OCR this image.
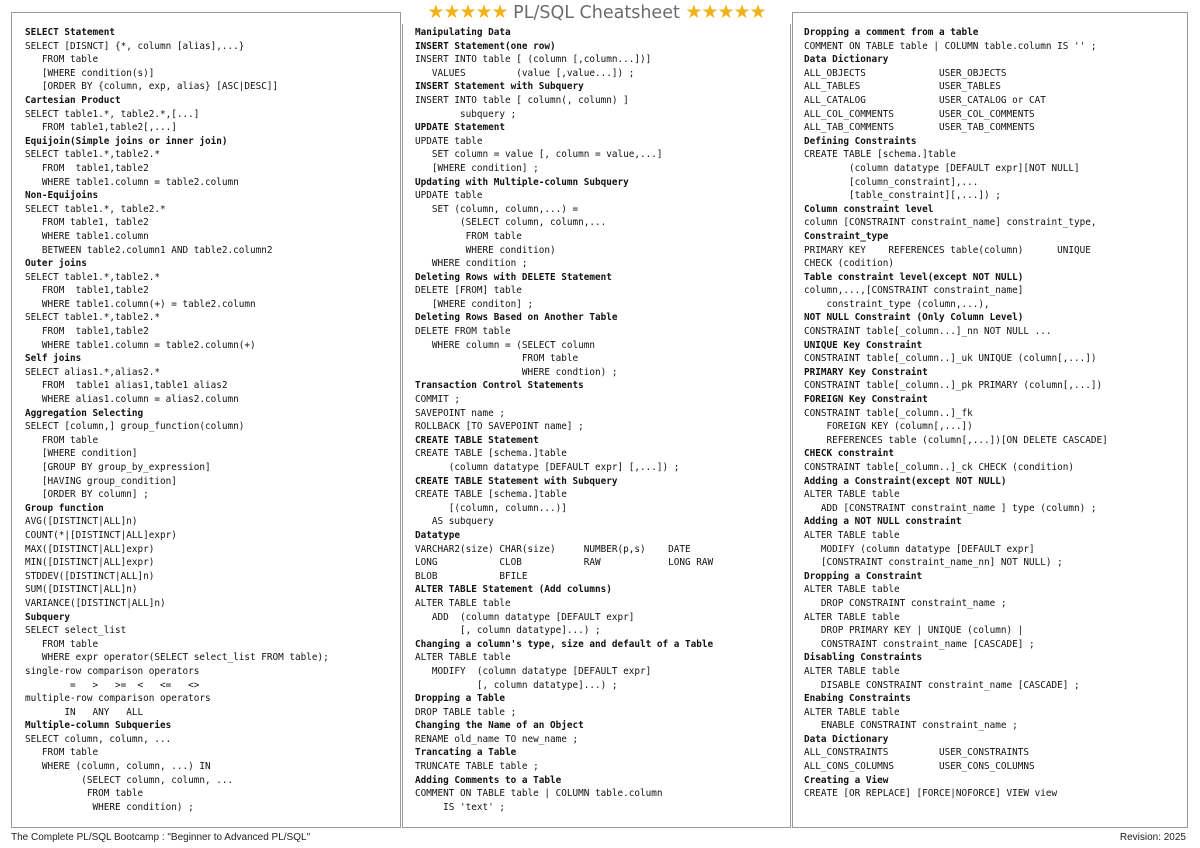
SELECT Statement
SELECT [DISNCT] {*, column [alias],...}
FROM table
[WHERE condition(s)]
[ORDER BY {column, exp, alias} [ASC|DESC]]
Cartesian Product
SELECT table1.*, table2.*,[...]
FROM table1,table2[,...]
Equijoin(Simple joins or inner join)
SELECT table1.*,table2.*
FROM  table1,table2
WHERE table1.column = table2.column
Non-Equijoins
SELECT table1.*, table2.*
FROM table1, table2
WHERE table1.column
BETWEEN table2.column1 AND table2.column2
Outer joins
SELECT table1.*,table2.*
FROM  table1,table2
WHERE table1.column(+) = table2.column
SELECT table1.*,table2.*
FROM  table1,table2
WHERE table1.column = table2.column(+)
Self joins
SELECT alias1.*,alias2.*
FROM  table1 alias1,table1 alias2
WHERE alias1.column = alias2.column
Aggregation Selecting
SELECT [column,] group_function(column)
FROM table
[WHERE condition]
[GROUP BY group_by_expression]
[HAVING group_condition]
[ORDER BY column] ;
Group function
AVG([DISTINCT|ALL]n)
COUNT(*|[DISTINCT|ALL]expr)
MAX([DISTINCT|ALL]expr)
MIN([DISTINCT|ALL]expr)
STDDEV([DISTINCT|ALL]n)
SUM([DISTINCT|ALL]n)
VARIANCE([DISTINCT|ALL]n)
Subquery
SELECT select_list
FROM table
WHERE expr operator(SELECT select_list FROM table);
single-row comparison operators
=   >   >=  <   <=   <>
multiple-row comparison operators
IN   ANY   ALL
Multiple-column Subqueries
SELECT column, column, ...
FROM table
WHERE (column, column, ...) IN
(SELECT column, column, ...
FROM table
WHERE condition) ;
Manipulating Data
INSERT Statement(one row)
INSERT INTO table [ (column [,column...])]
VALUES         (value [,value...]) ;
INSERT Statement with Subquery
INSERT INTO table [ column(, column) ]
subquery ;
UPDATE Statement
UPDATE table
SET column = value [, column = value,...]
[WHERE condition] ;
Updating with Multiple-column Subquery
UPDATE table
SET (column, column,...) =
(SELECT column, column,...
FROM table
WHERE condition)
WHERE condition ;
Deleting Rows with DELETE Statement
DELETE [FROM] table
[WHERE conditon] ;
Deleting Rows Based on Another Table
DELETE FROM table
WHERE column = (SELECT column
FROM table
WHERE condtion) ;
Transaction Control Statements
COMMIT ;
SAVEPOINT name ;
ROLLBACK [TO SAVEPOINT name] ;
CREATE TABLE Statement
CREATE TABLE [schema.]table
(column datatype [DEFAULT expr] [,...]) ;
CREATE TABLE Statement with Subquery
CREATE TABLE [schema.]table
[(column, column...)]
AS subquery
Datatype
VARCHAR2(size) CHAR(size)     NUMBER(p,s)    DATE
LONG           CLOB           RAW            LONG RAW
BLOB           BFILE
ALTER TABLE Statement (Add columns)
ALTER TABLE table
ADD  (column datatype [DEFAULT expr]
[, column datatype]...) ;
Changing a column's type, size and default of a Table
ALTER TABLE table
MODIFY  (column datatype [DEFAULT expr]
[, column datatype]...) ;
Dropping a Table
DROP TABLE table ;
Changing the Name of an Object
RENAME old_name TO new_name ;
Trancating a Table
TRUNCATE TABLE table ;
Adding Comments to a Table
COMMENT ON TABLE table | COLUMN table.column
IS 'text' ;
Dropping a comment from a table
COMMENT ON TABLE table | COLUMN table.column IS '' ;
Data Dictionary
ALL_OBJECTS             USER_OBJECTS
ALL_TABLES              USER_TABLES
ALL_CATALOG             USER_CATALOG or CAT
ALL_COL_COMMENTS        USER_COL_COMMENTS
ALL_TAB_COMMENTS        USER_TAB_COMMENTS
Defining Constraints
CREATE TABLE [schema.]table
(column datatype [DEFAULT expr][NOT NULL]
[column_constraint],...
[table_constraint][,...]) ;
Column constraint level
column [CONSTRAINT constraint_name] constraint_type,
Constraint_type
PRIMARY KEY    REFERENCES table(column)      UNIQUE
CHECK (codition)
Table constraint level(except NOT NULL)
column,...,[CONSTRAINT constraint_name]
constraint_type (column,...),
NOT NULL Constraint (Only Column Level)
CONSTRAINT table[_column...]_nn NOT NULL ...
UNIQUE Key Constraint
CONSTRAINT table[_column..]_uk UNIQUE (column[,...])
PRIMARY Key Constraint
CONSTRAINT table[_column..]_pk PRIMARY (column[,...])
FOREIGN Key Constraint
CONSTRAINT table[_column..]_fk
FOREIGN KEY (column[,...])
REFERENCES table (column[,...])[ON DELETE CASCADE]
CHECK constraint
CONSTRAINT table[_column..]_ck CHECK (condition)
Adding a Constraint(except NOT NULL)
ALTER TABLE table
ADD [CONSTRAINT constraint_name ] type (column) ;
Adding a NOT NULL constraint
ALTER TABLE table
MODIFY (column datatype [DEFAULT expr]
[CONSTRAINT constraint_name_nn] NOT NULL) ;
Dropping a Constraint
ALTER TABLE table
DROP CONSTRAINT constraint_name ;
ALTER TABLE table
DROP PRIMARY KEY | UNIQUE (column) |
CONSTRAINT constraint_name [CASCADE] ;
Disabling Constraints
ALTER TABLE table
DISABLE CONSTRAINT constraint_name [CASCADE] ;
Enabing Constraints
ALTER TABLE table
ENABLE CONSTRAINT constraint_name ;
Data Dictionary
ALL_CONSTRAINTS         USER_CONSTRAINTS
ALL_CONS_COLUMNS        USER_CONS_COLUMNS
Creating a View
CREATE [OR REPLACE] [FORCE|NOFORCE] VIEW view
★★★★★ PL/SQL Cheatsheet ★★★★★
The Complete PL/SQL Bootcamp : "Beginner to Advanced PL/SQL"	Revision: 2025
